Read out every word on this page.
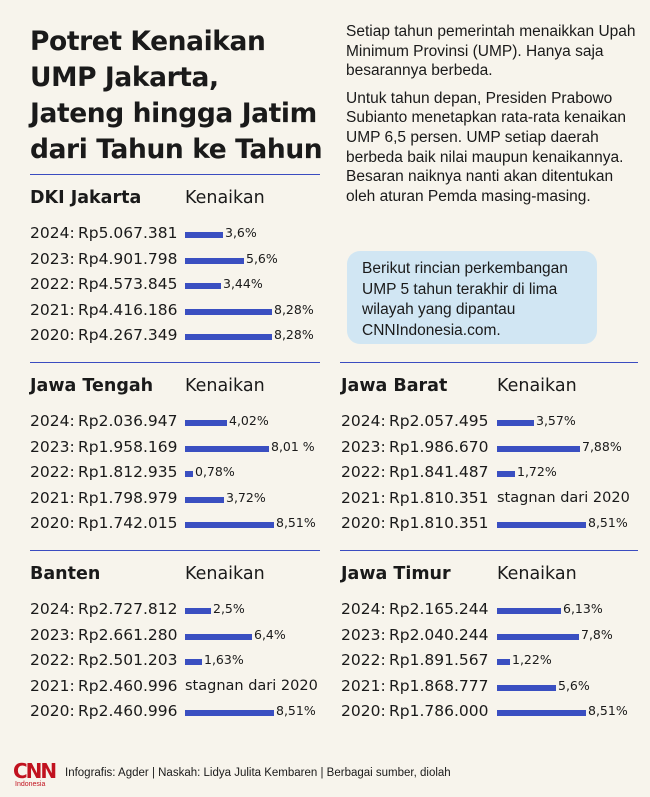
Potret Kenaikan
UMP Jakarta,
Jateng hingga Jatim
dari Tahun ke Tahun

Setiap tahun pemerintah menaikkan Upah Minimum Provinsi (UMP). Hanya saja besarannya berbeda.

Untuk tahun depan, Presiden Prabowo Subianto menetapkan rata-rata kenaikan UMP 6,5 persen. UMP setiap daerah berbeda baik nilai maupun kenaikannya. Besaran naiknya nanti akan ditentukan oleh aturan Pemda masing-masing.

Berikut rincian perkembangan UMP 5 tahun terakhir di lima wilayah yang dipantau CNNIndonesia.com.
DKI Jakarta Kenaikan
2024: Rp5.067.381	3,6%
2023: Rp4.901.798	5,6%
2022: Rp4.573.845	3,44%
2021: Rp4.416.186	8,28%
2020: Rp4.267.349	8,28%
Jawa Tengah Kenaikan
2024: Rp2.036.947	4,02%
2023: Rp1.958.169	8,01 %
2022: Rp1.812.935 0,78%
2021: Rp1.798.979	3,72%
2020: Rp1.742.015	8,51%
Jawa Barat	Kenaikan
2024: Rp2.057.495	3,57%
2023: Rp1.986.670	7,88%
2022: Rp1.841.487 1,72%
2021: Rp1.810.351 stagnan dari 2020
2020: Rp1.810.351	8,51%
Banten	Kenaikan
2024: Rp2.727.812	2,5%
2023: Rp2.661.280	6,4%
2022: Rp2.501.203 1,63%
2021: Rp2.460.996 stagnan dari 2020
2020: Rp2.460.996	8,51%
Jawa Timur	Kenaikan
2024: Rp2.165.244	6,13%
2023: Rp2.040.244	7,8%
2022: Rp1.891.567 1,22%
2021: Rp1.868.777	5,6%
2020: Rp1.786.000	8,51%
CNN
Indonesia
Infografis: Agder | Naskah: Lidya Julita Kembaren | Berbagai sumber, diolah
